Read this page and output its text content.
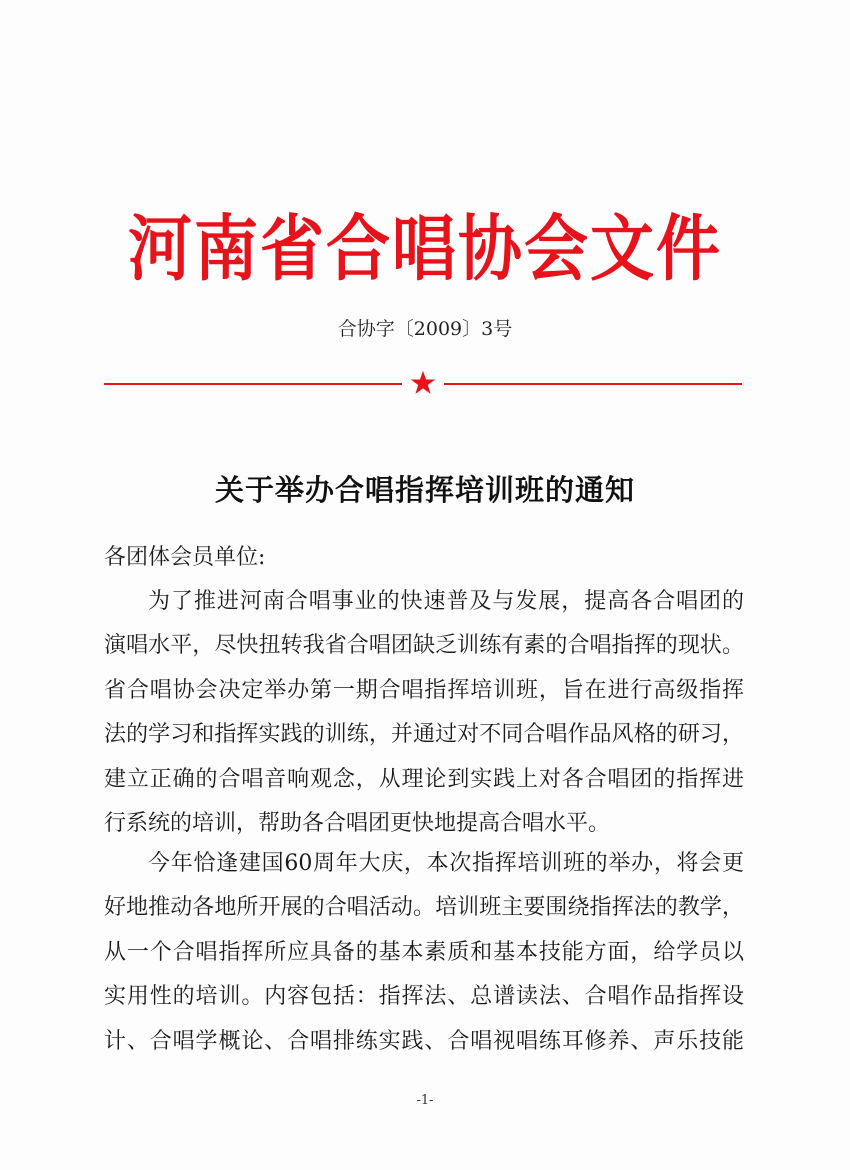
河南省合唱协会文件
合协字〔2009〕3号
关于举办合唱指挥培训班的通知
各团体会员单位:
为了推进河南合唱事业的快速普及与发展，提高各合唱团的
演唱水平，尽快扭转我省合唱团缺乏训练有素的合唱指挥的现状。
省合唱协会决定举办第一期合唱指挥培训班，旨在进行高级指挥
法的学习和指挥实践的训练，并通过对不同合唱作品风格的研习，
建立正确的合唱音响观念，从理论到实践上对各合唱团的指挥进
行系统的培训，帮助各合唱团更快地提高合唱水平。
今年恰逢建国60周年大庆，本次指挥培训班的举办，将会更
好地推动各地所开展的合唱活动。培训班主要围绕指挥法的教学，
从一个合唱指挥所应具备的基本素质和基本技能方面，给学员以
实用性的培训。内容包括：指挥法、总谱读法、合唱作品指挥设
计、合唱学概论、合唱排练实践、合唱视唱练耳修养、声乐技能
-1-
